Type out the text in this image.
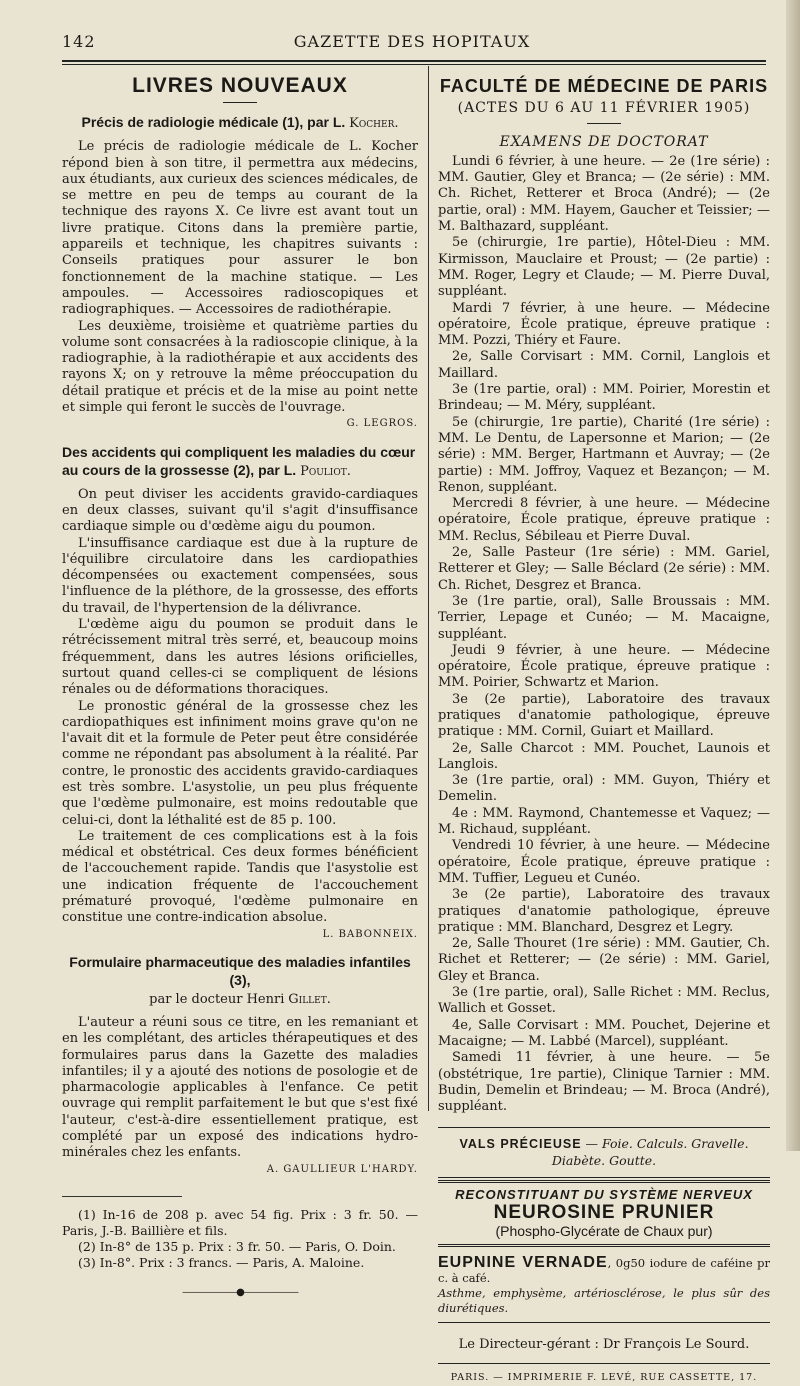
142	GAZETTE DES HOPITAUX
LIVRES NOUVEAUX
Précis de radiologie médicale (1), par L. Kocher.

Le précis de radiologie médicale de L. Kocher répond bien à son titre, il permettra aux médecins, aux étudiants, aux curieux des sciences médicales, de se mettre en peu de temps au courant de la technique des rayons X. Ce livre est avant tout un livre pratique. Citons dans la première partie, appareils et technique, les chapitres suivants : Conseils pratiques pour assurer le bon fonctionnement de la machine statique. — Les ampoules. — Accessoires radioscopiques et radiographiques. — Accessoires de radiothérapie.

Les deuxième, troisième et quatrième parties du volume sont consacrées à la radioscopie clinique, à la radiographie, à la radiothérapie et aux accidents des rayons X; on y retrouve la même préoccupation du détail pratique et précis et de la mise au point nette et simple qui feront le succès de l'ouvrage.

G. LEGROS.
Des accidents qui compliquent les maladies du cœur au cours de la grossesse (2), par L. Pouliot.

On peut diviser les accidents gravido-cardiaques en deux classes, suivant qu'il s'agit d'insuffisance cardiaque simple ou d'œdème aigu du poumon.

L'insuffisance cardiaque est due à la rupture de l'équilibre circulatoire dans les cardiopathies décompensées ou exactement compensées, sous l'influence de la pléthore, de la grossesse, des efforts du travail, de l'hypertension de la délivrance.

L'œdème aigu du poumon se produit dans le rétrécissement mitral très serré, et, beaucoup moins fréquemment, dans les autres lésions orificielles, surtout quand celles-ci se compliquent de lésions rénales ou de déformations thoraciques.

Le pronostic général de la grossesse chez les cardiopathiques est infiniment moins grave qu'on ne l'avait dit et la formule de Peter peut être considérée comme ne répondant pas absolument à la réalité. Par contre, le pronostic des accidents gravido-cardiaques est très sombre. L'asystolie, un peu plus fréquente que l'œdème pulmonaire, est moins redoutable que celui-ci, dont la léthalité est de 85 p. 100.

Le traitement de ces complications est à la fois médical et obstétrical. Ces deux formes bénéficient de l'accouchement rapide. Tandis que l'asystolie est une indication fréquente de l'accouchement prématuré provoqué, l'œdème pulmonaire en constitue une contre-indication absolue.

L. BABONNEIX.
Formulaire pharmaceutique des maladies infantiles (3),
par le docteur Henri Gillet.

L'auteur a réuni sous ce titre, en les remaniant et en les complétant, des articles thérapeutiques et des formulaires parus dans la Gazette des maladies infantiles; il y a ajouté des notions de posologie et de pharmacologie applicables à l'enfance. Ce petit ouvrage qui remplit parfaitement le but que s'est fixé l'auteur, c'est-à-dire essentiellement pratique, est complété par un exposé des indications hydro-minérales chez les enfants.

A. GAULLIEUR L'HARDY.

(1) In-16 de 208 p. avec 54 fig. Prix : 3 fr. 50. — Paris, J.-B. Baillière et fils.

(2) In-8° de 135 p. Prix : 3 fr. 50. — Paris, O. Doin.

(3) In-8°. Prix : 3 francs. — Paris, A. Maloine.

——————●——————
FACULTÉ DE MÉDECINE DE PARIS
(ACTES DU 6 AU 11 FÉVRIER 1905)
EXAMENS DE DOCTORAT

Lundi 6 février, à une heure. — 2e (1re série) : MM. Gautier, Gley et Branca; — (2e série) : MM. Ch. Richet, Retterer et Broca (André); — (2e partie, oral) : MM. Hayem, Gaucher et Teissier; — M. Balthazard, suppléant.

5e (chirurgie, 1re partie), Hôtel-Dieu : MM. Kirmisson, Mauclaire et Proust; — (2e partie) : MM. Roger, Legry et Claude; — M. Pierre Duval, suppléant.

Mardi 7 février, à une heure. — Médecine opératoire, École pratique, épreuve pratique : MM. Pozzi, Thiéry et Faure.

2e, Salle Corvisart : MM. Cornil, Langlois et Maillard.

3e (1re partie, oral) : MM. Poirier, Morestin et Brindeau; — M. Méry, suppléant.

5e (chirurgie, 1re partie), Charité (1re série) : MM. Le Dentu, de Lapersonne et Marion; — (2e série) : MM. Berger, Hartmann et Auvray; — (2e partie) : MM. Joffroy, Vaquez et Bezançon; — M. Renon, suppléant.

Mercredi 8 février, à une heure. — Médecine opératoire, École pratique, épreuve pratique : MM. Reclus, Sébileau et Pierre Duval.

2e, Salle Pasteur (1re série) : MM. Gariel, Retterer et Gley; — Salle Béclard (2e série) : MM. Ch. Richet, Desgrez et Branca.

3e (1re partie, oral), Salle Broussais : MM. Terrier, Lepage et Cunéo; — M. Macaigne, suppléant.

Jeudi 9 février, à une heure. — Médecine opératoire, École pratique, épreuve pratique : MM. Poirier, Schwartz et Marion.

3e (2e partie), Laboratoire des travaux pratiques d'anatomie pathologique, épreuve pratique : MM. Cornil, Guiart et Maillard.

2e, Salle Charcot : MM. Pouchet, Launois et Langlois.

3e (1re partie, oral) : MM. Guyon, Thiéry et Demelin.

4e : MM. Raymond, Chantemesse et Vaquez; — M. Richaud, suppléant.

Vendredi 10 février, à une heure. — Médecine opératoire, École pratique, épreuve pratique : MM. Tuffier, Legueu et Cunéo.

3e (2e partie), Laboratoire des travaux pratiques d'anatomie pathologique, épreuve pratique : MM. Blanchard, Desgrez et Legry.

2e, Salle Thouret (1re série) : MM. Gautier, Ch. Richet et Retterer; — (2e série) : MM. Gariel, Gley et Branca.

3e (1re partie, oral), Salle Richet : MM. Reclus, Wallich et Gosset.

4e, Salle Corvisart : MM. Pouchet, Dejerine et Macaigne; — M. Labbé (Marcel), suppléant.

Samedi 11 février, à une heure. — 5e (obstétrique, 1re partie), Clinique Tarnier : MM. Budin, Demelin et Brindeau; — M. Broca (André), suppléant.

VALS PRÉCIEUSE — Foie. Calculs. Gravelle. Diabète. Goutte.
RECONSTITUANT DU SYSTÈME NERVEUX
NEUROSINE PRUNIER
(Phospho-Glycérate de Chaux pur)
EUPNINE VERNADE, 0g50 iodure de caféine pr c. à café.
Asthme, emphysème, artériosclérose, le plus sûr des diurétiques.
Le Directeur-gérant : Dr François Le Sourd.
PARIS. — IMPRIMERIE F. LEVÉ, RUE CASSETTE, 17.
